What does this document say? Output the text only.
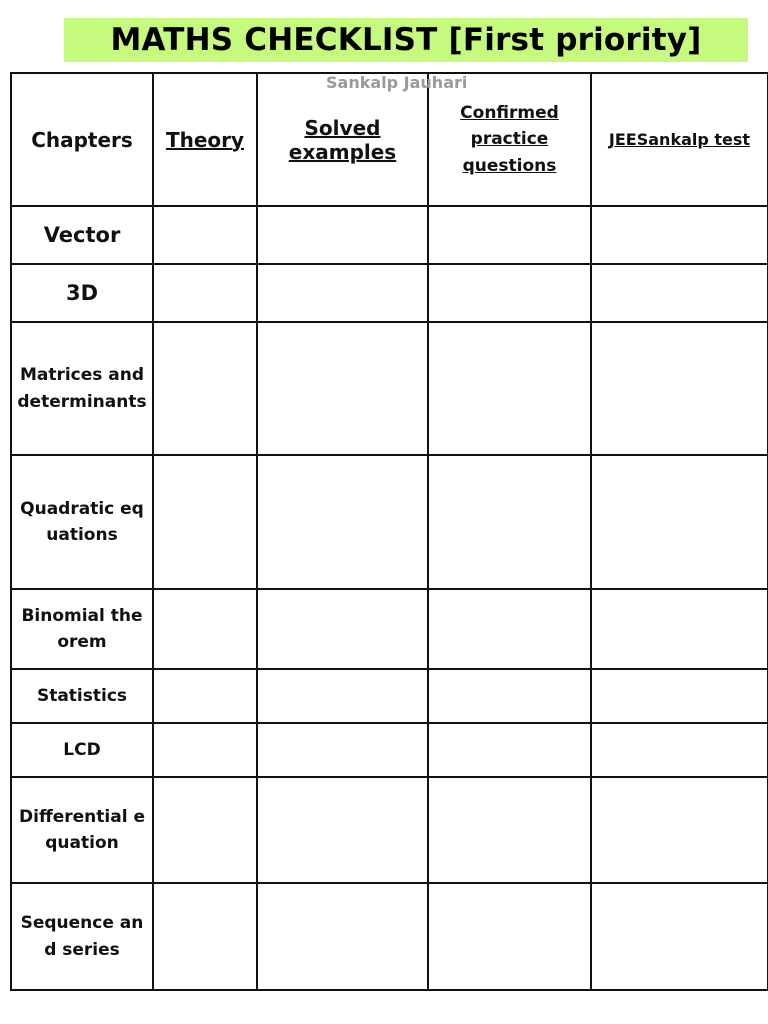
MATHS CHECKLIST [First priority]
Sankalp Jauhari
Chapters	Theory	Solved examples	Confirmed practice questions	JEESankalp test
Vector				
3D				
Matrices and determinants				
Quadratic equations				
Binomial theorem				
Statistics				
LCD				
Differential equation				
Sequence and series				
